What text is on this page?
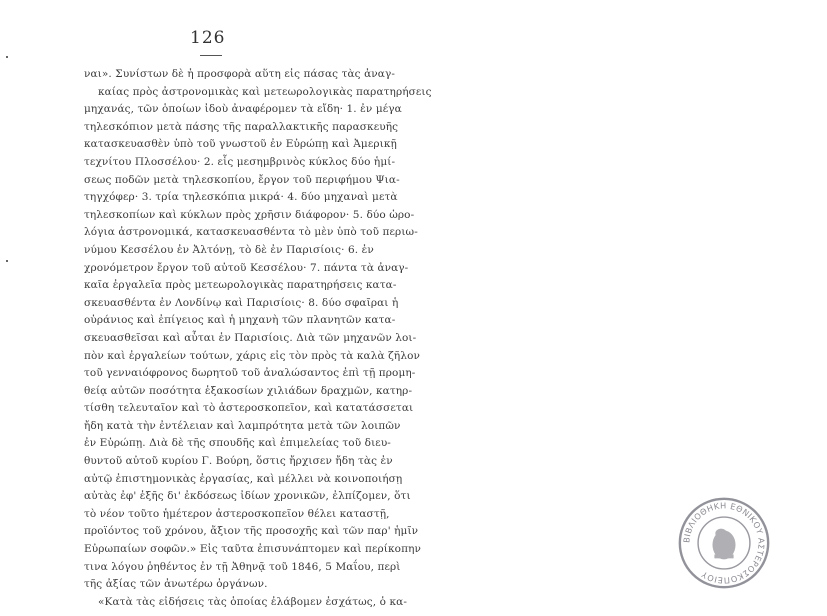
126
ναι». Συνίστων δὲ ἡ προσφορὰ αὕτη εἰς πάσας τὰς ἀναγ-
καίας πρὸς ἀστρονομικὰς καὶ μετεωρολογικὰς παρατηρήσεις
μηχανάς, τῶν ὁποίων ἰδοὺ ἀναφέρομεν τὰ εἴδη· 1. ἐν μέγα
τηλεσκόπιον μετὰ πάσης τῆς παραλλακτικῆς παρασκευῆς
κατασκευασθὲν ὑπὸ τοῦ γνωστοῦ ἐν Εὐρώπῃ καὶ Ἀμερικῇ
τεχνίτου Πλοσσέλου· 2. εἷς μεσημβρινὸς κύκλος δύο ἡμί-
σεως ποδῶν μετὰ τηλεσκοπίου, ἔργον τοῦ περιφήμου Ψια-
τηγχόφερ· 3. τρία τηλεσκόπια μικρά· 4. δύο μηχαναὶ μετὰ
τηλεσκοπίων καὶ κύκλων πρὸς χρῆσιν διάφορον· 5. δύο ὡρο-
λόγια ἀστρονομικά, κατασκευασθέντα τὸ μὲν ὑπὸ τοῦ περιω-
νύμου Κεσσέλου ἐν Ἀλτόνῃ, τὸ δὲ ἐν Παρισίοις· 6. ἐν
χρονόμετρον ἔργον τοῦ αὐτοῦ Κεσσέλου· 7. πάντα τὰ ἀναγ-
καῖα ἐργαλεῖα πρὸς μετεωρολογικὰς παρατηρήσεις κατα-
σκευασθέντα ἐν Λονδίνῳ καὶ Παρισίοις· 8. δύο σφαῖραι ἡ
οὐράνιος καὶ ἐπίγειος καὶ ἡ μηχανὴ τῶν πλανητῶν κατα-
σκευασθεῖσαι καὶ αὗται ἐν Παρισίοις. Διὰ τῶν μηχανῶν λοι-
πὸν καὶ ἐργαλείων τούτων, χάρις εἰς τὸν πρὸς τὰ καλὰ ζῆλον
τοῦ γενναιόφρονος δωρητοῦ τοῦ ἀναλώσαντος ἐπὶ τῇ προμη-
θείᾳ αὐτῶν ποσότητα ἑξακοσίων χιλιάδων δραχμῶν, κατηρ-
τίσθη τελευταῖον καὶ τὸ ἀστεροσκοπεῖον, καὶ κατατάσσεται
ἤδη κατὰ τὴν ἐντέλειαν καὶ λαμπρότητα μετὰ τῶν λοιπῶν
ἐν Εὐρώπῃ. Διὰ δὲ τῆς σπουδῆς καὶ ἐπιμελείας τοῦ διευ-
θυντοῦ αὐτοῦ κυρίου Γ. Βούρη, ὅστις ἤρχισεν ἤδη τὰς ἐν
αὐτῷ ἐπιστημονικὰς ἐργασίας, καὶ μέλλει νὰ κοινοποιήσῃ
αὐτὰς ἐφ' ἑξῆς δι' ἐκδόσεως ἰδίων χρονικῶν, ἐλπίζομεν, ὅτι
τὸ νέον τοῦτο ἡμέτερον ἀστεροσκοπεῖον θέλει καταστῇ,
προϊόντος τοῦ χρόνου, ἄξιον τῆς προσοχῆς καὶ τῶν παρ' ἡμῖν
Εὐρωπαίων σοφῶν.» Εἰς ταῦτα ἐπισυνάπτομεν καὶ περίκοπην
τινα λόγου ῥηθέντος ἐν τῇ Ἀθηνᾷ τοῦ 1846, 5 Μαΐου, περὶ
τῆς ἀξίας τῶν ἀνωτέρω ὀργάνων.
«Κατὰ τὰς εἰδήσεις τὰς ὁποίας ἐλάβομεν ἐσχάτως, ὁ κα-
ΒΙΒΛΙΟΘΗΚΗ ΕΘΝΙΚΟΥ ΑΣΤΕΡΟΣΚΟΠΕΙΟΥ
